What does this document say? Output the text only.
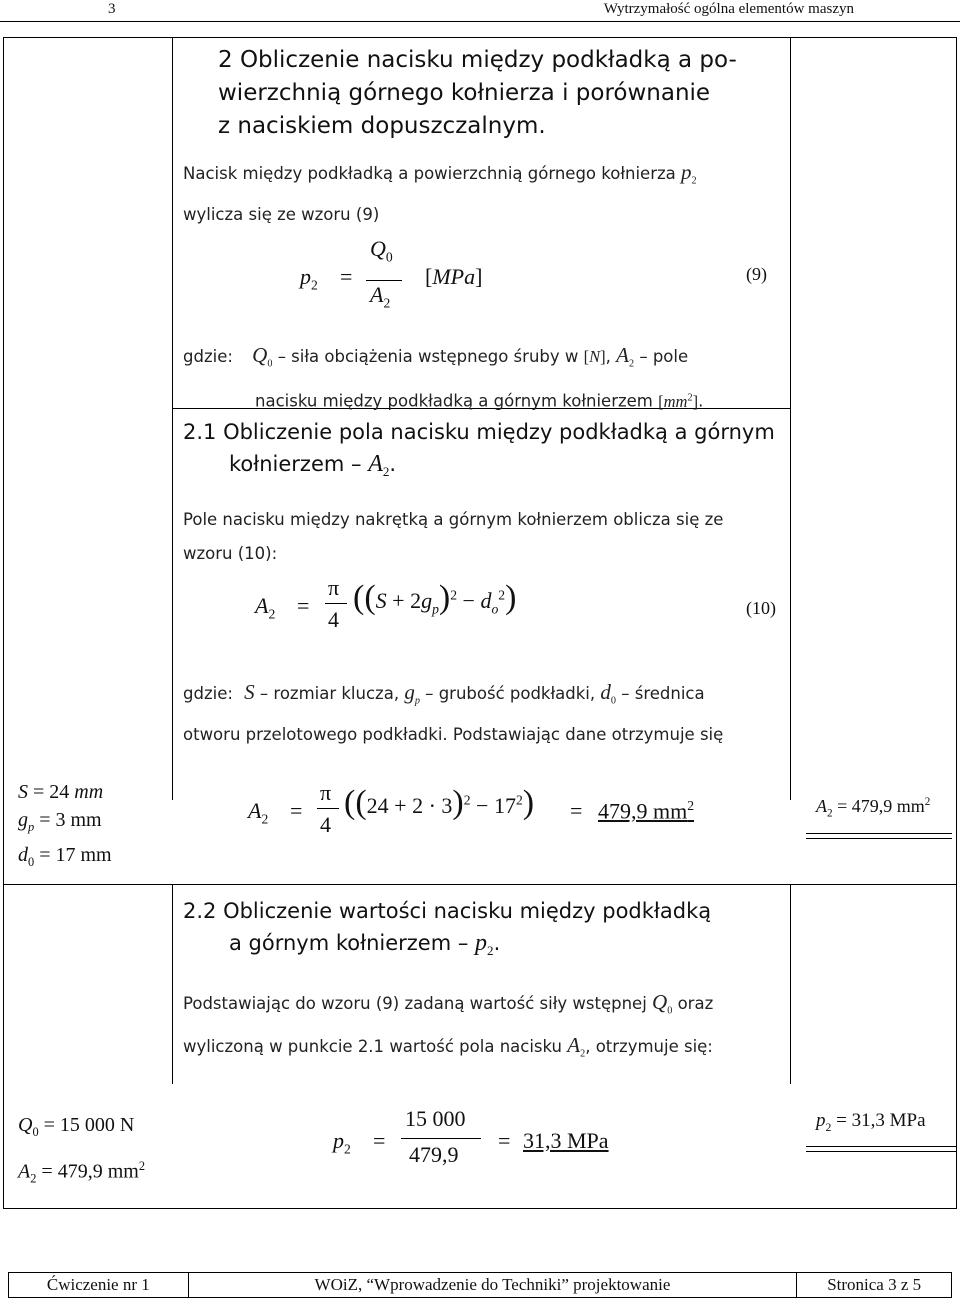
3	Wytrzymałość ogólna elementów maszyn
2 Obliczenie nacisku między podkładką a po-
wierzchnią górnego kołnierza i porównanie
z naciskiem dopuszczalnym.
Nacisk między podkładką a powierzchnią górnego kołnierza $p_2$
wylicza się ze wzoru (9)
$p_2$ =
$Q_0$
$A_2$
[MPa]	(9)
gdzie: $Q_0$ – siła obciążenia wstępnego śruby w [N], $A_2$ – pole
nacisku między podkładką a górnym kołnierzem $[mm^2]$.
2.1 Obliczenie pola nacisku między podkładką a górnym
kołnierzem – $A_2$.
Pole nacisku między nakrętką a górnym kołnierzem oblicza się ze
wzoru (10):
$A_2$ =
π
4
$((S + 2g_p)^2 - d_o^2)$	(10)
gdzie: S – rozmiar klucza, $g_p$ – grubość podkładki, $d_0$ – średnica
otworu przelotowego podkładki. Podstawiając dane otrzymuje się
S = 24 mm
$g_p = 3$ mm
$d_0 = 17$ mm
$A_2$ =
π
4
$((24 + 2 \cdot 3)^2 - 17^2) = 479,9$ $mm^2$	$A_2 = 479,9$ $mm^2$
2.2 Obliczenie wartości nacisku między podkładką
a górnym kołnierzem – $p_2$.
Podstawiając do wzoru (9) zadaną wartość siły wstępnej $Q_0$ oraz
wyliczoną w punkcie 2.1 wartość pola nacisku $A_2$, otrzymuje się:
$Q_0 = 15$ 000 N
$A_2 = 479,9$ $mm^2$
$p_2$ =
15 000
479,9
= 31,3 MPa
$p_2 = 31,3$ MPa
Ćwiczenie nr 1	WOiZ, “Wprowadzenie do Techniki” projektowanie	Stronica 3 z 5
